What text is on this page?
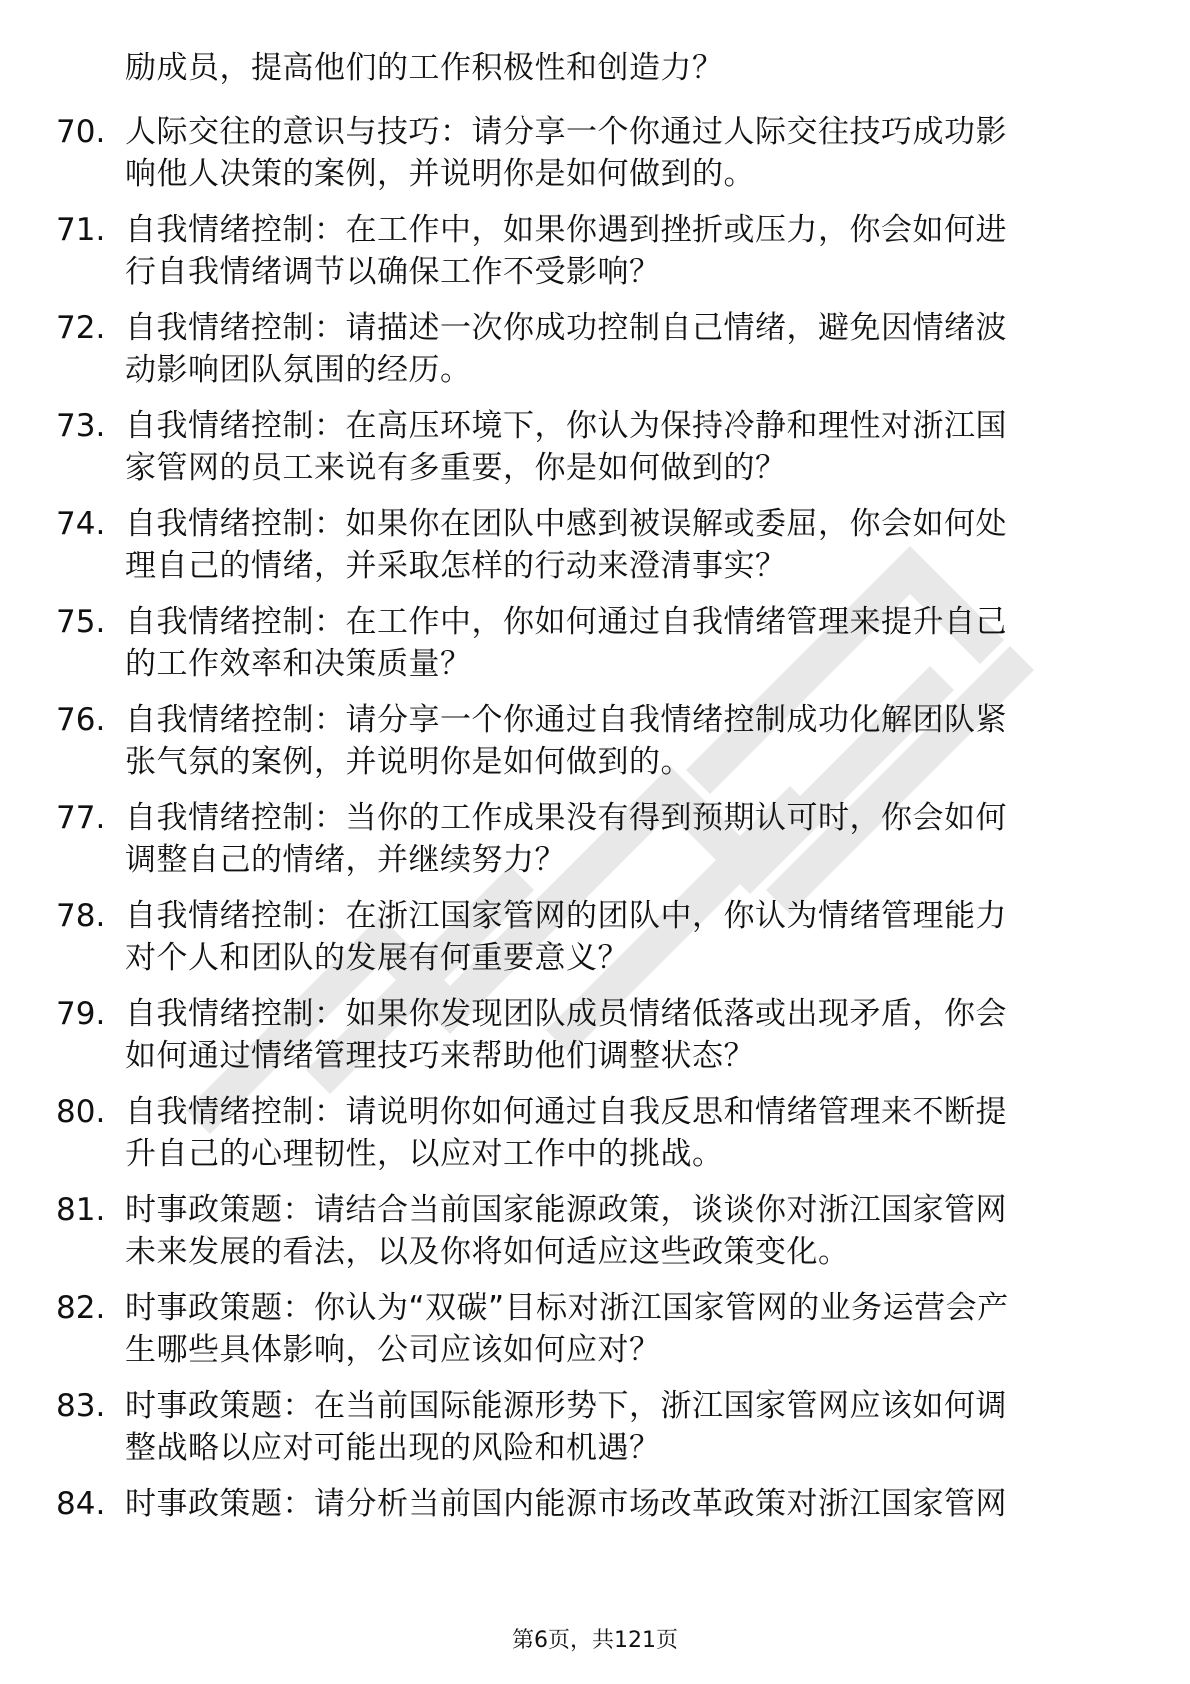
励成员，提高他们的工作积极性和创造力？
70. 人际交往的意识与技巧：请分享一个你通过人际交往技巧成功影
响他人决策的案例，并说明你是如何做到的。
71. 自我情绪控制：在工作中，如果你遇到挫折或压力，你会如何进
行自我情绪调节以确保工作不受影响？
72. 自我情绪控制：请描述一次你成功控制自己情绪，避免因情绪波
动影响团队氛围的经历。
73. 自我情绪控制：在高压环境下，你认为保持冷静和理性对浙江国
家管网的员工来说有多重要，你是如何做到的？
74. 自我情绪控制：如果你在团队中感到被误解或委屈，你会如何处
理自己的情绪，并采取怎样的行动来澄清事实？
75. 自我情绪控制：在工作中，你如何通过自我情绪管理来提升自己
的工作效率和决策质量？
76. 自我情绪控制：请分享一个你通过自我情绪控制成功化解团队紧
张气氛的案例，并说明你是如何做到的。
77. 自我情绪控制：当你的工作成果没有得到预期认可时，你会如何
调整自己的情绪，并继续努力？
78. 自我情绪控制：在浙江国家管网的团队中，你认为情绪管理能力
对个人和团队的发展有何重要意义？
79. 自我情绪控制：如果你发现团队成员情绪低落或出现矛盾，你会
如何通过情绪管理技巧来帮助他们调整状态？
80. 自我情绪控制：请说明你如何通过自我反思和情绪管理来不断提
升自己的心理韧性，以应对工作中的挑战。
81. 时事政策题：请结合当前国家能源政策，谈谈你对浙江国家管网
未来发展的看法，以及你将如何适应这些政策变化。
82. 时事政策题：你认为“双碳”目标对浙江国家管网的业务运营会产
生哪些具体影响，公司应该如何应对？
83. 时事政策题：在当前国际能源形势下，浙江国家管网应该如何调
整战略以应对可能出现的风险和机遇？
84. 时事政策题：请分析当前国内能源市场改革政策对浙江国家管网
第6页，共121页
